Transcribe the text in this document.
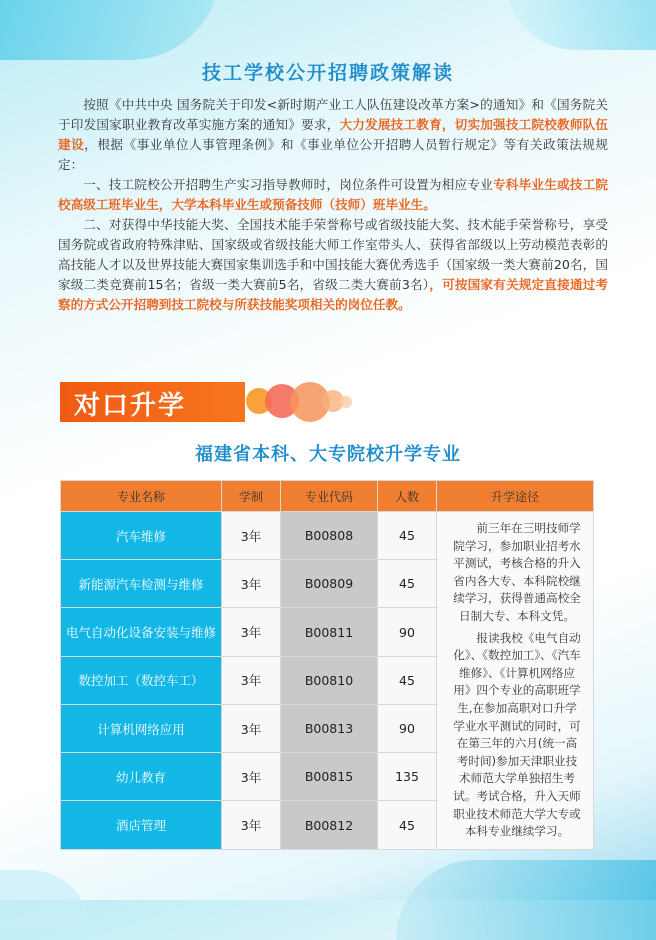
技工学校公开招聘政策解读

按照《中共中央 国务院关于印发<新时期产业工人队伍建设改革方案>的通知》和《国务院关于印发国家职业教育改革实施方案的通知》要求，大力发展技工教育，切实加强技工院校教师队伍建设，根据《事业单位人事管理条例》和《事业单位公开招聘人员暂行规定》等有关政策法规规定：

一、技工院校公开招聘生产实习指导教师时，岗位条件可设置为相应专业专科毕业生或技工院校高级工班毕业生，大学本科毕业生或预备技师（技师）班毕业生。

二、对获得中华技能大奖、全国技术能手荣誉称号或省级技能大奖、技术能手荣誉称号，享受国务院或省政府特殊津贴、国家级或省级技能大师工作室带头人、获得省部级以上劳动模范表彰的高技能人才以及世界技能大赛国家集训选手和中国技能大赛优秀选手（国家级一类大赛前20名，国家级二类竞赛前15名；省级一类大赛前5名，省级二类大赛前3名），可按国家有关规定直接通过考察的方式公开招聘到技工院校与所获技能奖项相关的岗位任教。

对口升学
福建省本科、大专院校升学专业
专业名称	学制	专业代码	人数	升学途径
汽车维修	3年	B00808	45	前三年在三明技师学院学习，参加职业招考水平测试，考核合格的升入省内各大专、本科院校继续学习，获得普通高校全日制大专、本科文凭。

报读我校《电气自动化》、《数控加工》、《汽车维修》、《计算机网络应用》四个专业的高职班学生,在参加高职对口升学学业水平测试的同时，可在第三年的六月(统一高考时间)参加天津职业技术师范大学单独招生考试。考试合格，升入天师职业技术师范大学大专或本科专业继续学习。

新能源汽车检测与维修	3年	B00809	45	
电气自动化设备安装与维修	3年	B00811	90	
数控加工（数控车工）	3年	B00810	45	
计算机网络应用	3年	B00813	90	
幼儿教育	3年	B00815	135	
酒店管理	3年	B00812	45	
